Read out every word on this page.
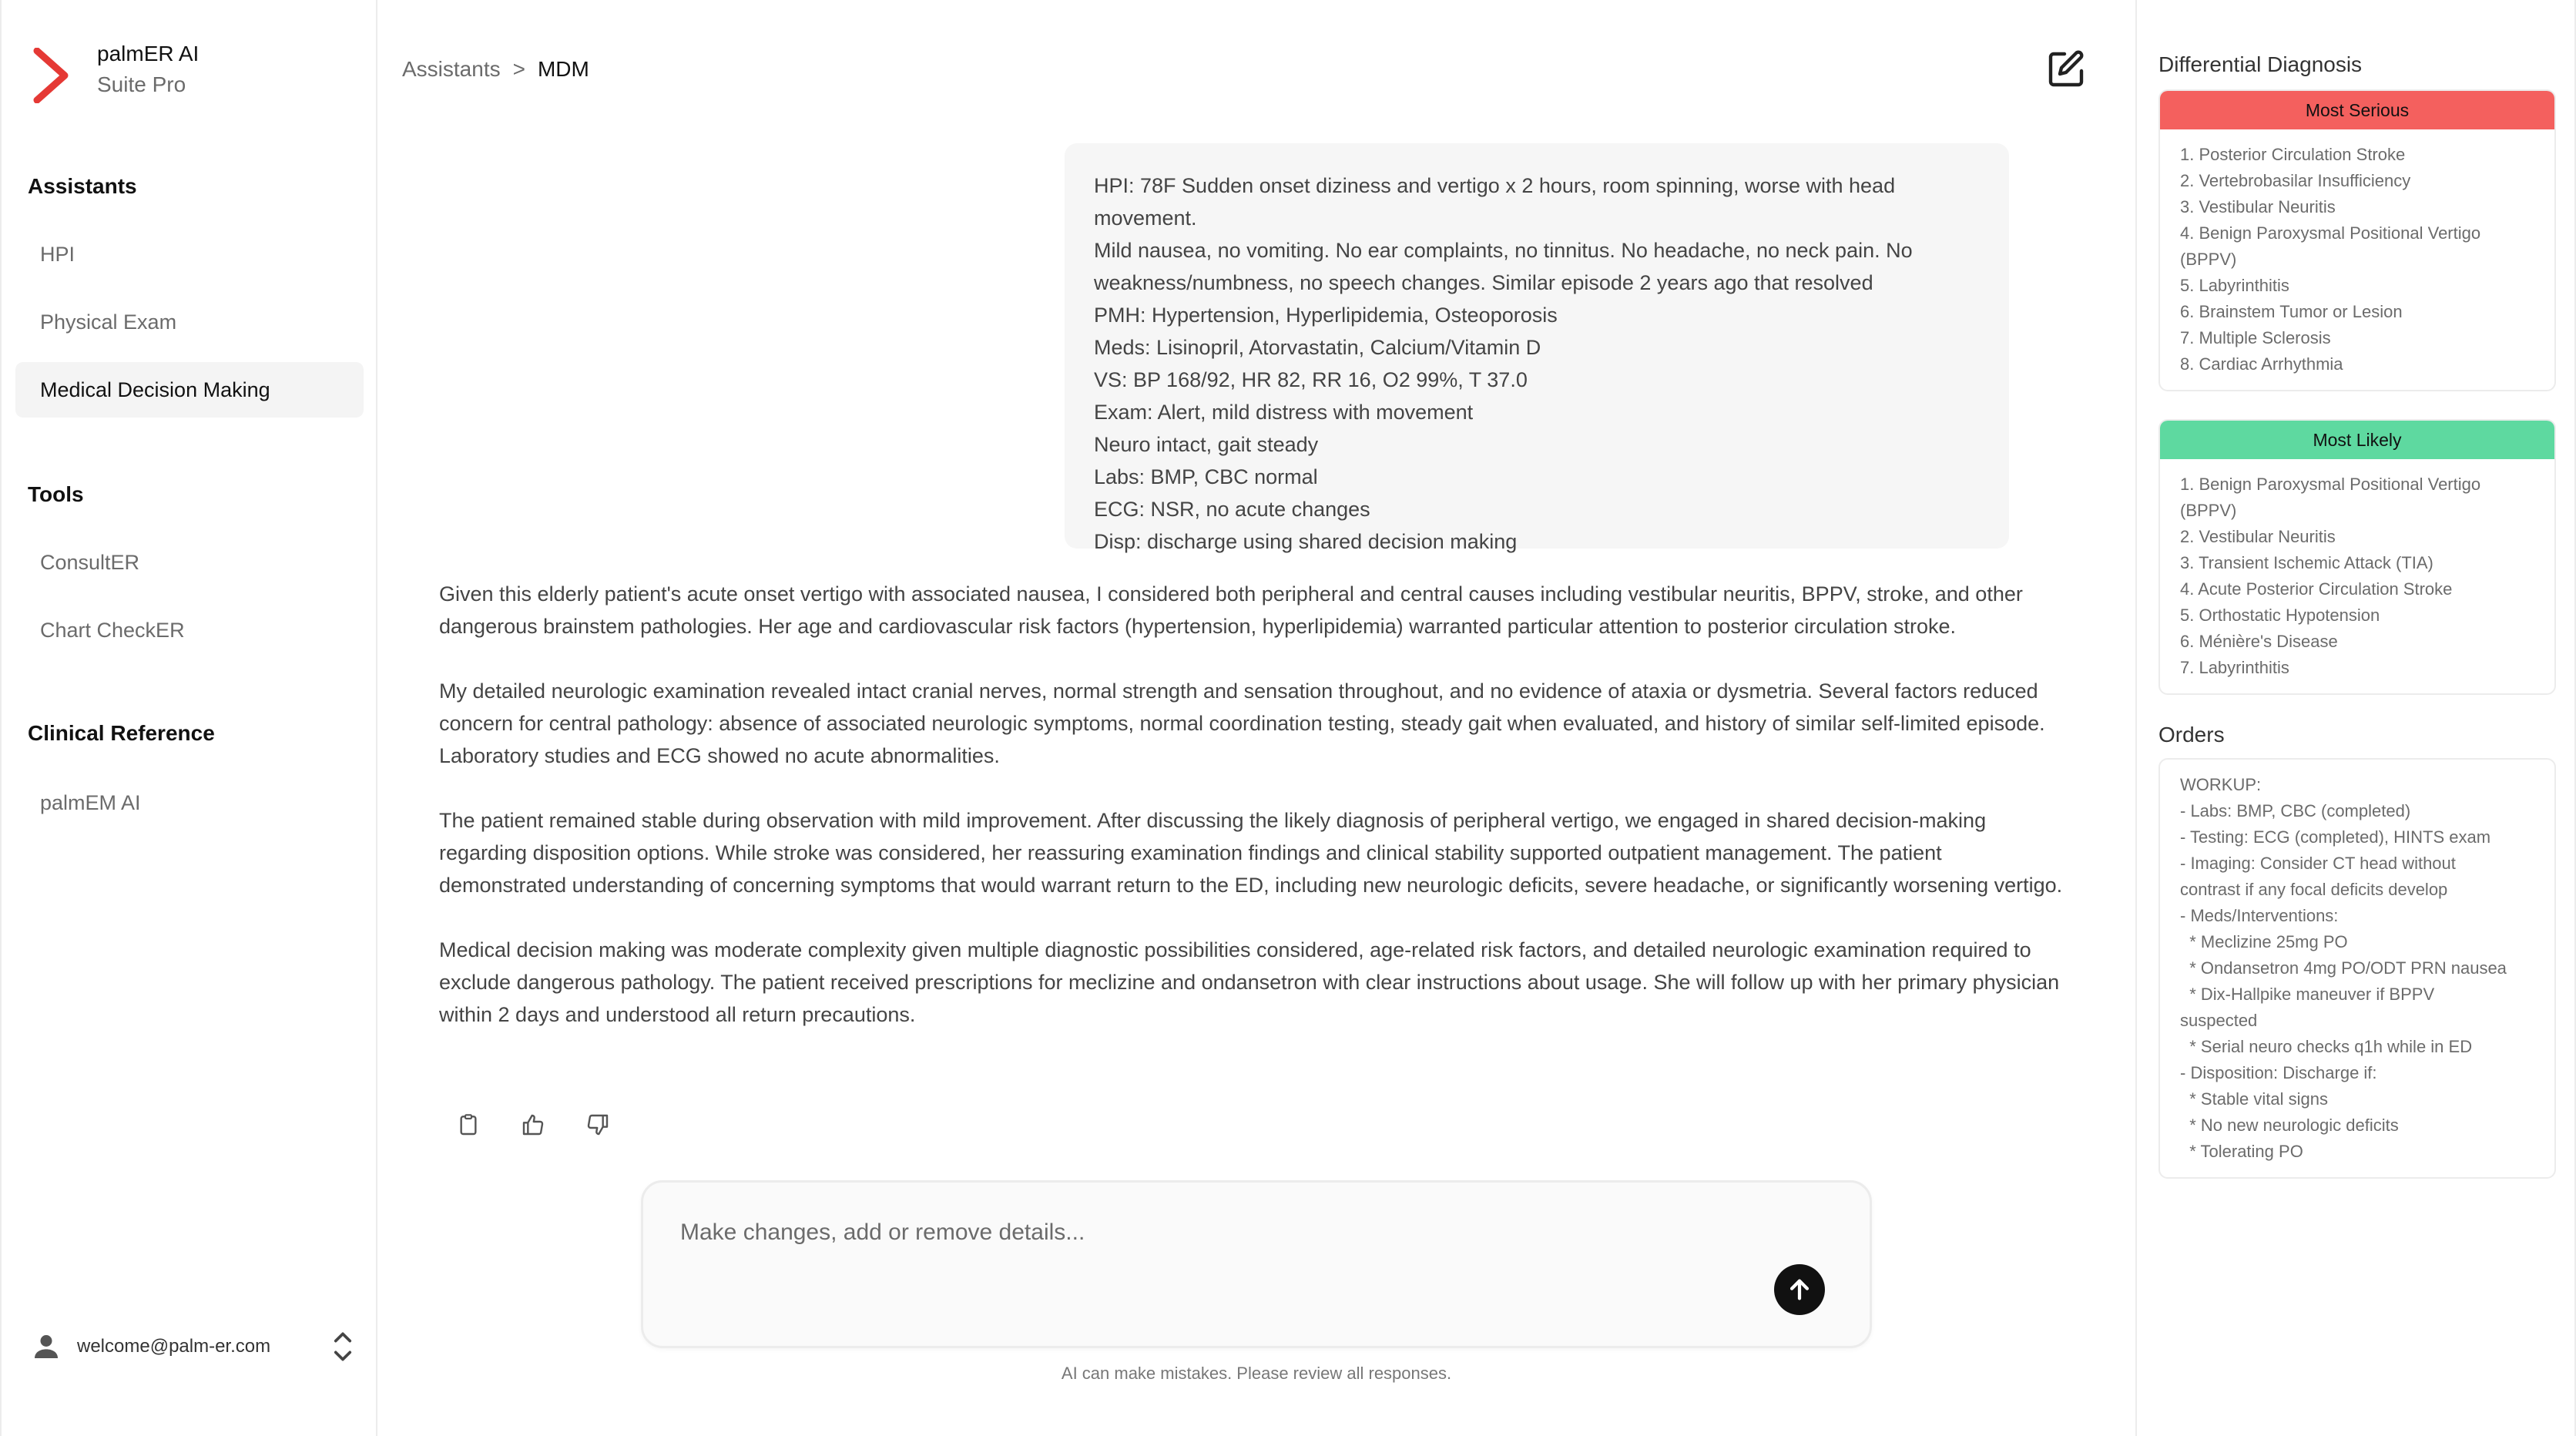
palmER AI
Suite Pro
Assistants
HPI
Physical Exam
Medical Decision Making
Tools
ConsultER
Chart CheckER
Clinical Reference
palmEM AI
welcome@palm-er.com
Assistants > MDM
HPI: 78F Sudden onset diziness and vertigo x 2 hours, room spinning, worse with head movement.
Mild nausea, no vomiting. No ear complaints, no tinnitus. No headache, no neck pain. No
weakness/numbness, no speech changes. Similar episode 2 years ago that resolved
PMH: Hypertension, Hyperlipidemia, Osteoporosis
Meds: Lisinopril, Atorvastatin, Calcium/Vitamin D
VS: BP 168/92, HR 82, RR 16, O2 99%, T 37.0
Exam: Alert, mild distress with movement
Neuro intact, gait steady
Labs: BMP, CBC normal
ECG: NSR, no acute changes
Disp: discharge using shared decision making

Given this elderly patient's acute onset vertigo with associated nausea, I considered both peripheral and central causes including vestibular neuritis, BPPV, stroke, and other dangerous brainstem pathologies. Her age and cardiovascular risk factors (hypertension, hyperlipidemia) warranted particular attention to posterior circulation stroke.

My detailed neurologic examination revealed intact cranial nerves, normal strength and sensation throughout, and no evidence of ataxia or dysmetria. Several factors reduced concern for central pathology: absence of associated neurologic symptoms, normal coordination testing, steady gait when evaluated, and history of similar self-limited episode. Laboratory studies and ECG showed no acute abnormalities.

The patient remained stable during observation with mild improvement. After discussing the likely diagnosis of peripheral vertigo, we engaged in shared decision-making regarding disposition options. While stroke was considered, her reassuring examination findings and clinical stability supported outpatient management. The patient demonstrated understanding of concerning symptoms that would warrant return to the ED, including new neurologic deficits, severe headache, or significantly worsening vertigo.

Medical decision making was moderate complexity given multiple diagnostic possibilities considered, age-related risk factors, and detailed neurologic examination required to exclude dangerous pathology. The patient received prescriptions for meclizine and ondansetron with clear instructions about usage. She will follow up with her primary physician within 2 days and understood all return precautions.

Make changes, add or remove details...
AI can make mistakes. Please review all responses.
Differential Diagnosis
Most Serious
1. Posterior Circulation Stroke
2. Vertebrobasilar Insufficiency
3. Vestibular Neuritis
4. Benign Paroxysmal Positional Vertigo
(BPPV)
5. Labyrinthitis
6. Brainstem Tumor or Lesion
7. Multiple Sclerosis
8. Cardiac Arrhythmia
Most Likely
1. Benign Paroxysmal Positional Vertigo
(BPPV)
2. Vestibular Neuritis
3. Transient Ischemic Attack (TIA)
4. Acute Posterior Circulation Stroke
5. Orthostatic Hypotension
6. Ménière's Disease
7. Labyrinthitis
Orders
WORKUP:
- Labs: BMP, CBC (completed)
- Testing: ECG (completed), HINTS exam
- Imaging: Consider CT head without
contrast if any focal deficits develop
- Meds/Interventions:
* Meclizine 25mg PO
* Ondansetron 4mg PO/ODT PRN nausea
* Dix-Hallpike maneuver if BPPV
suspected
* Serial neuro checks q1h while in ED
- Disposition: Discharge if:
* Stable vital signs
* No new neurologic deficits
* Tolerating PO
